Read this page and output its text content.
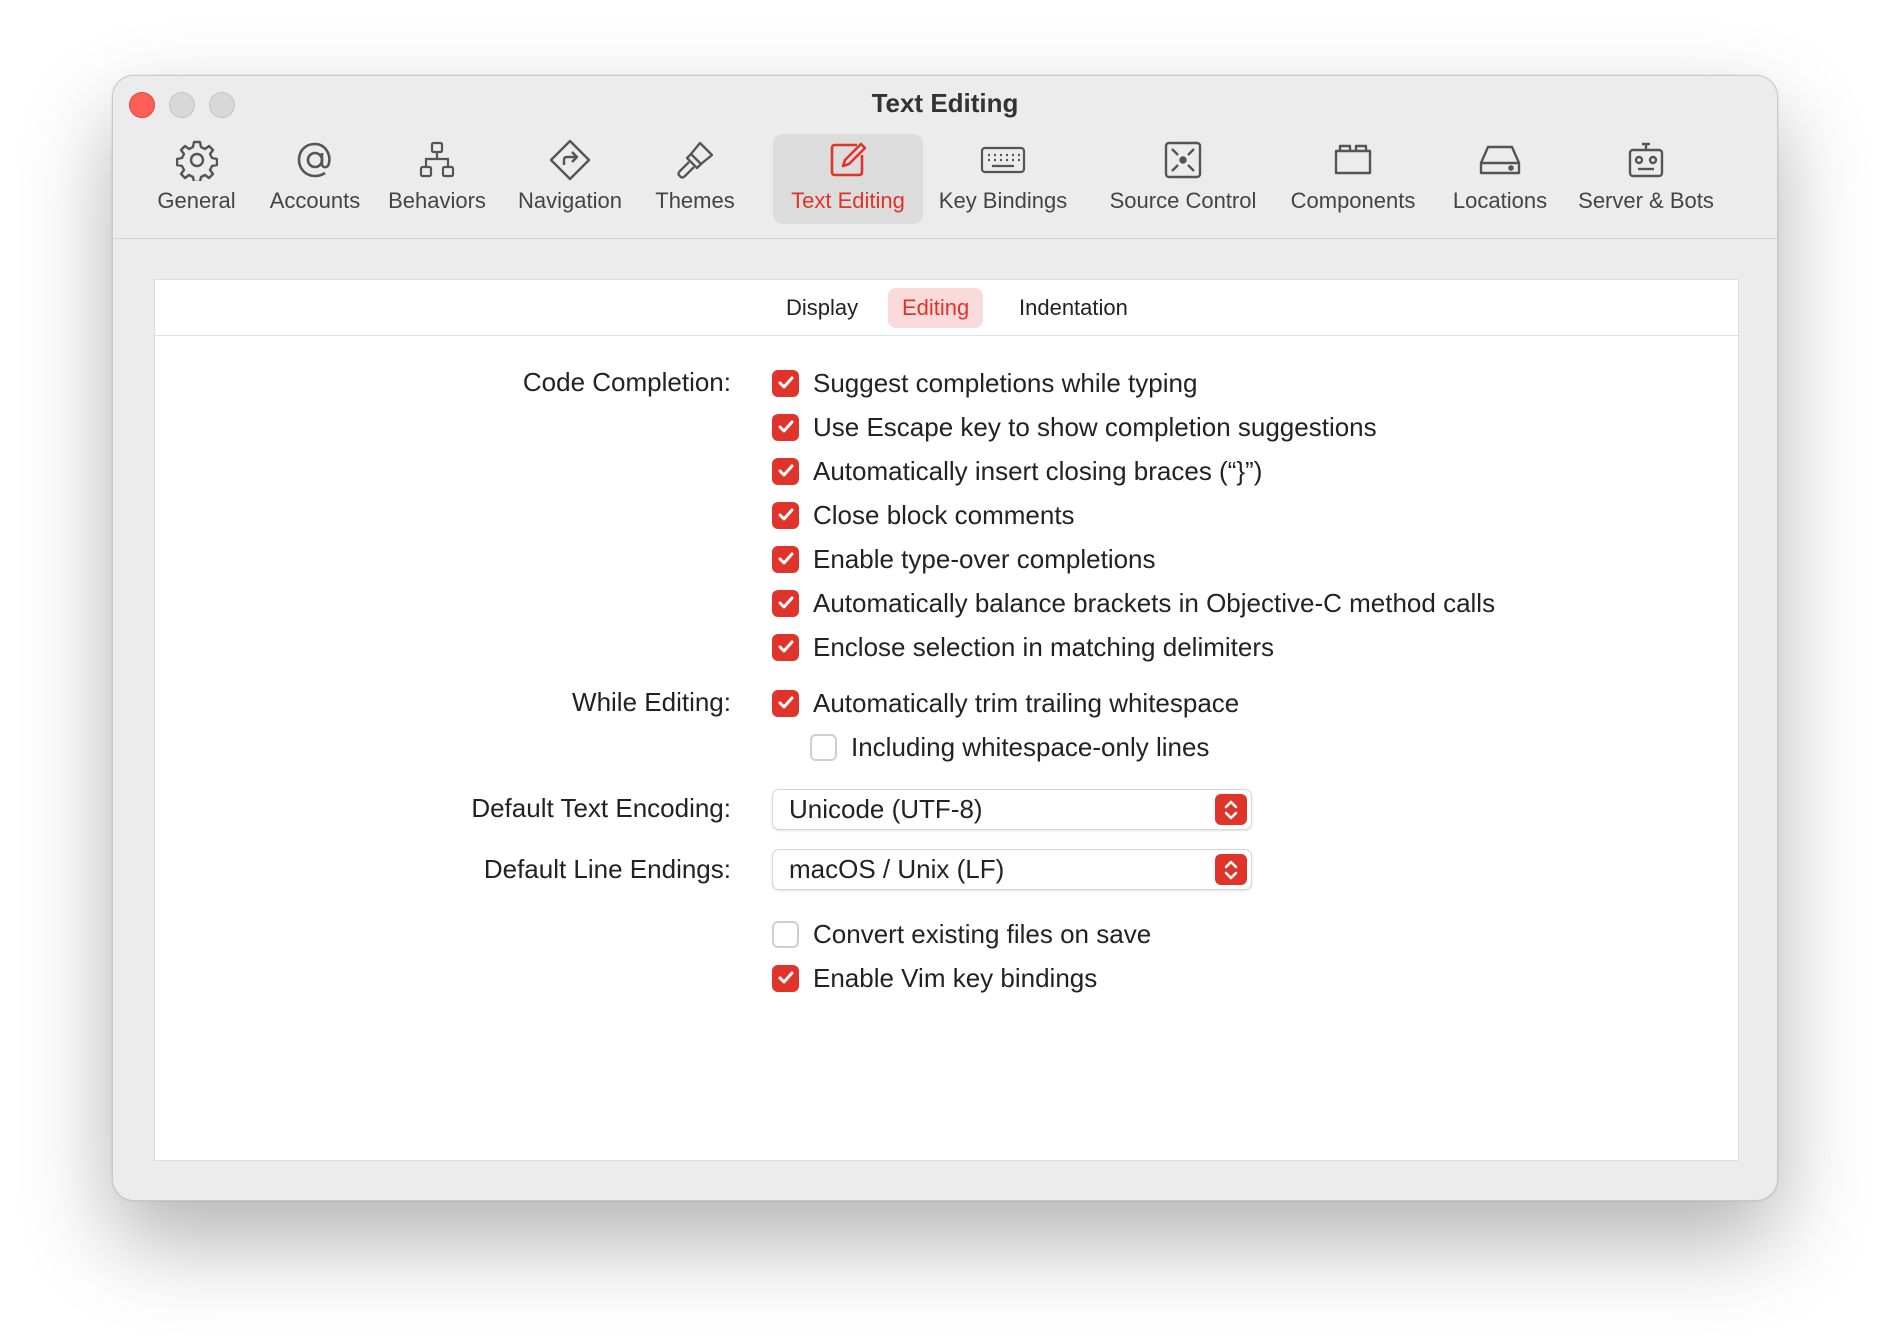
Text Editing
General Accounts Behaviors Navigation Themes	Text Editing Key Bindings Source Control Components Locations Server & Bots
Display	Editing	Indentation
Code Completion:	Suggest completions while typing
Use Escape key to show completion suggestions
Automatically insert closing braces (“}”)
Close block comments
Enable type-over completions
Automatically balance brackets in Objective-C method calls
Enclose selection in matching delimiters
While Editing:	Automatically trim trailing whitespace
Including whitespace-only lines
Default Text Encoding: Unicode (UTF-8)
Default Line Endings: macOS / Unix (LF)
Convert existing files on save
Enable Vim key bindings
